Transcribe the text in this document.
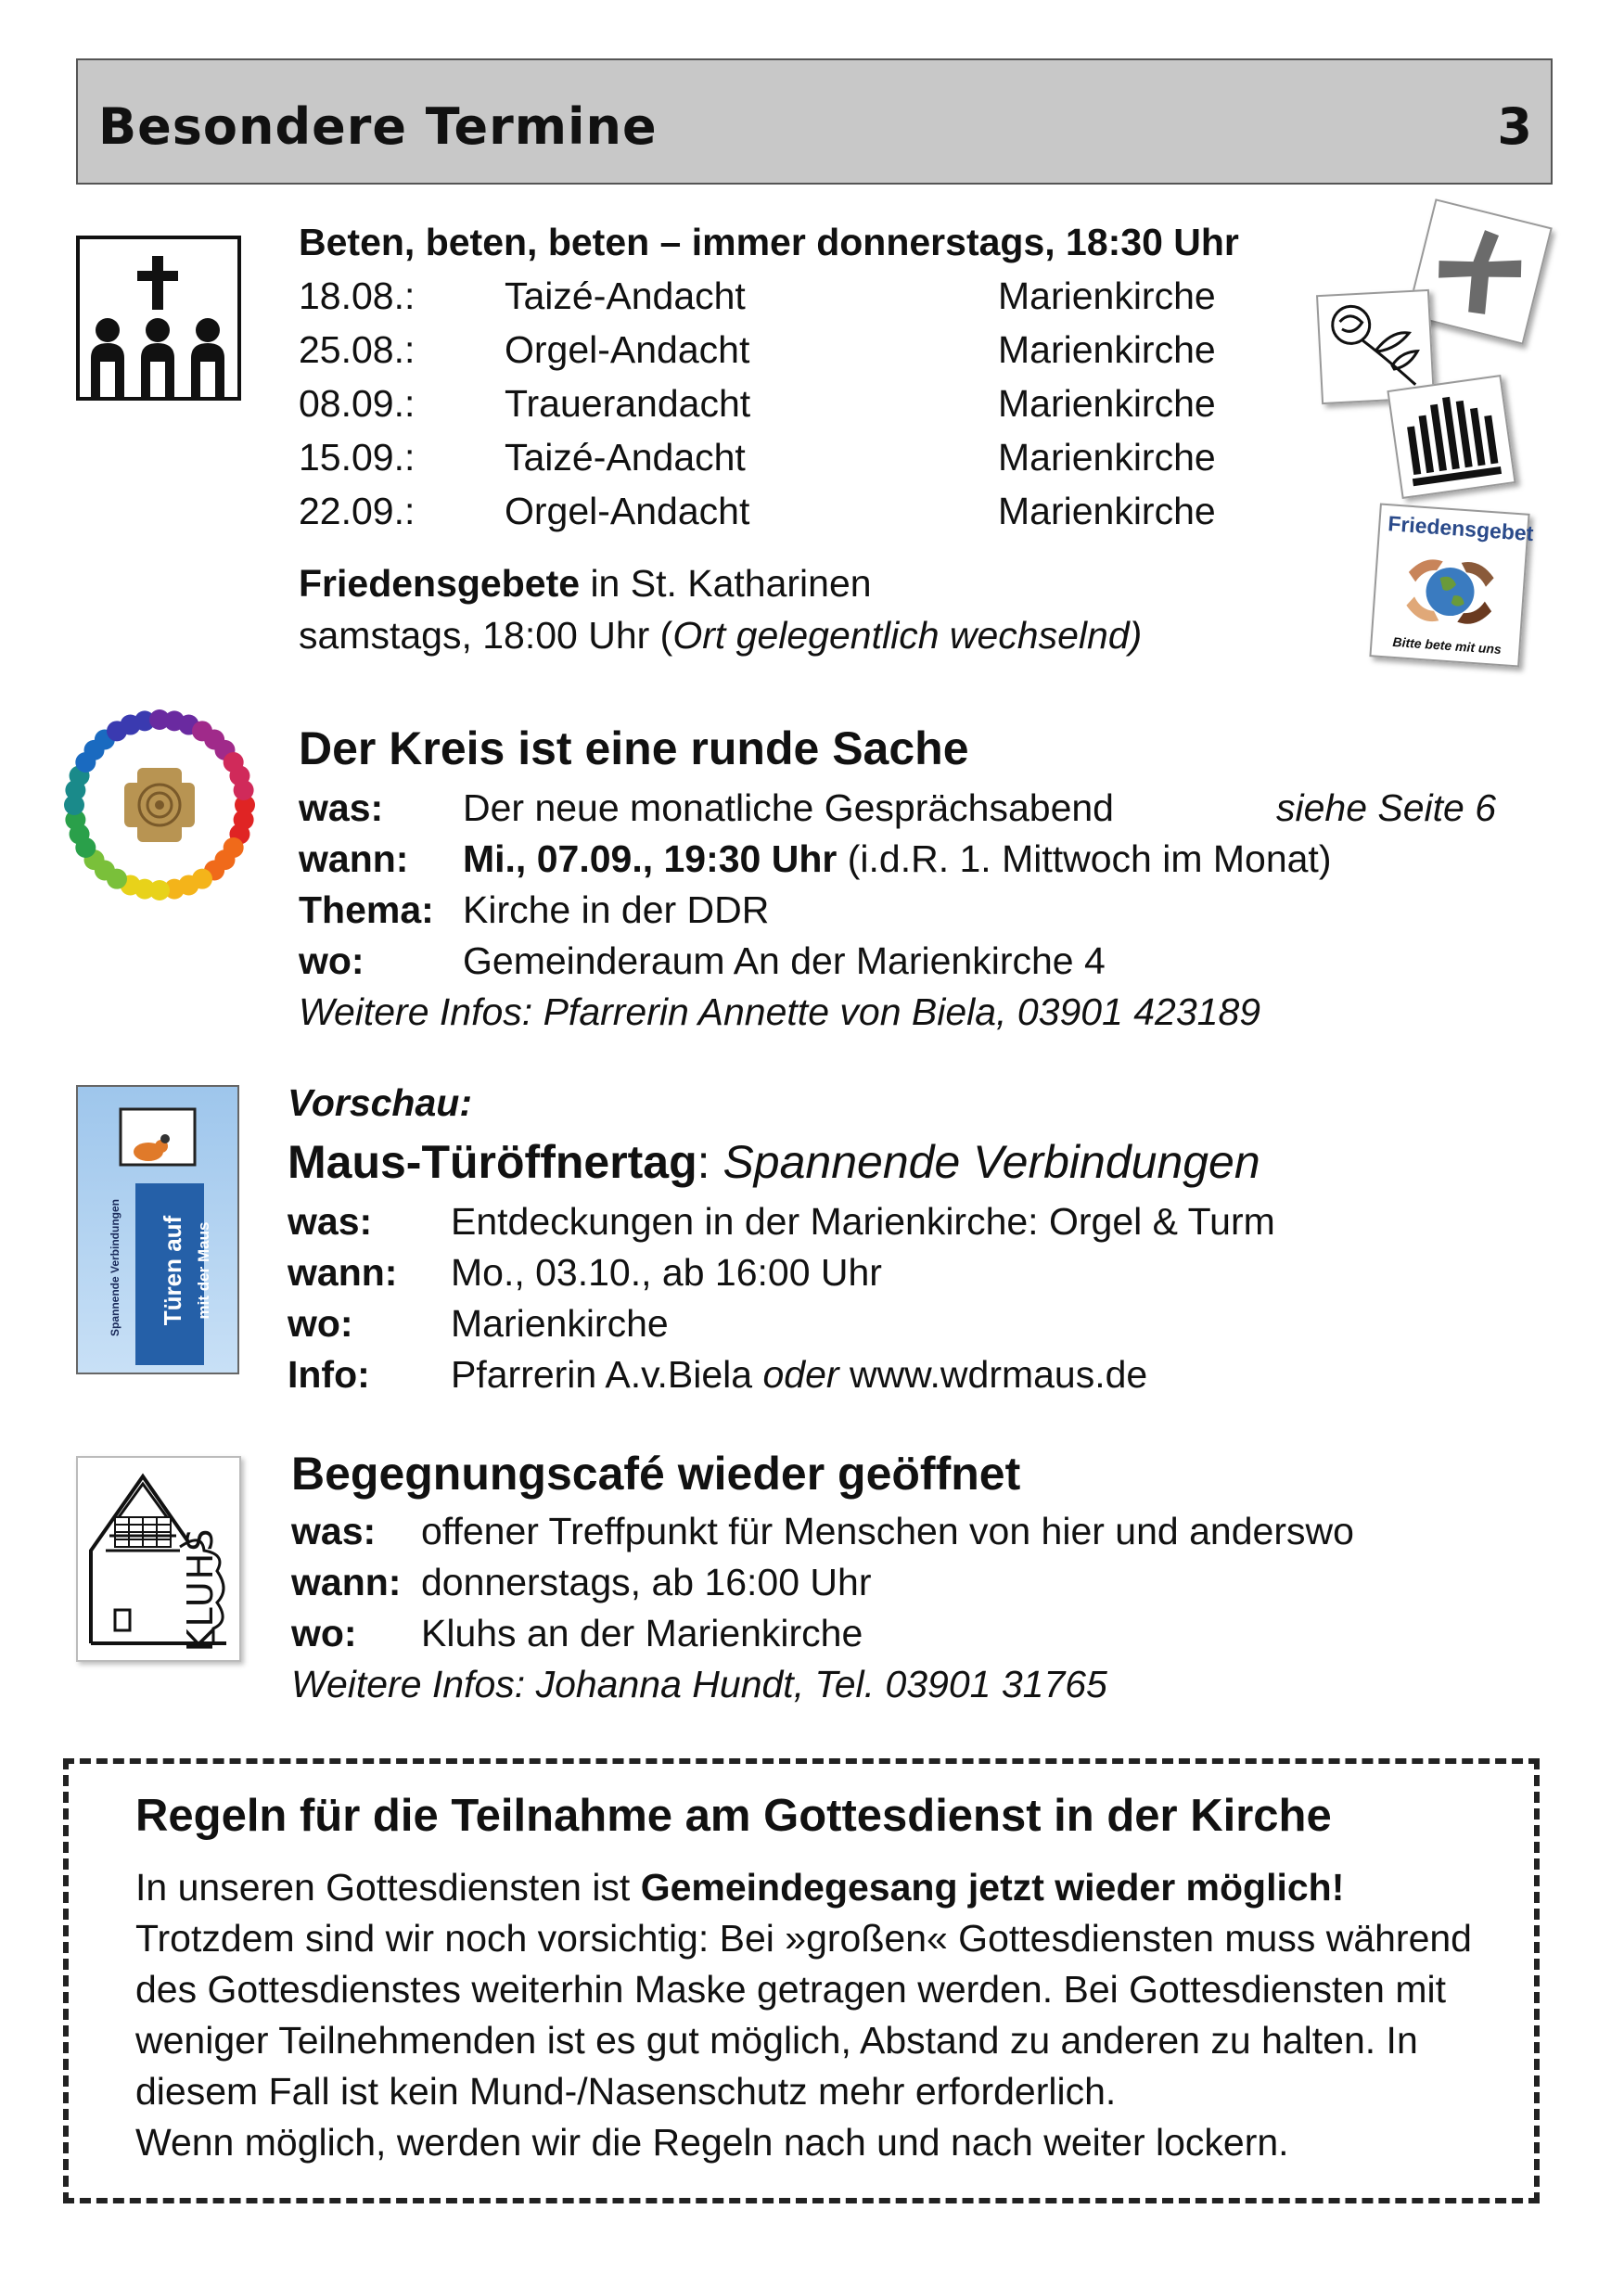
Besondere Termine	3
Beten, beten, beten – immer donnerstags, 18:30 Uhr
18.08.: Taizé-Andacht	Marienkirche
25.08.: Orgel-Andacht	Marienkirche
08.09.: Trauerandacht	Marienkirche
15.09.: Taizé-Andacht	Marienkirche
22.09.: Orgel-Andacht	Marienkirche
Friedensgebete in St. Katharinen
samstags, 18:00 Uhr (Ort gelegentlich wechselnd)
Friedensgebet
Bitte bete mit uns
Der Kreis ist eine runde Sache
was: Der neue monatliche Gesprächsabend	siehe Seite 6
wann: Mi., 07.09., 19:30 Uhr (i.d.R. 1. Mittwoch im Monat)
Thema: Kirche in der DDR
wo:	Gemeinderaum An der Marienkirche 4
Weitere Infos: Pfarrerin Annette von Biela, 03901 423189
Türen auf mit der Maus
Spannende Verbindungen
Vorschau:
Maus-Türöffnertag: Spannende Verbindungen
was: Entdeckungen in der Marienkirche: Orgel & Turm
wann: Mo., 03.10., ab 16:00 Uhr
wo:	Marienkirche
Info: Pfarrerin A.v.Biela oder www.wdrmaus.de
KLUHS
Begegnungscafé wieder geöffnet
was: offener Treffpunkt für Menschen von hier und anderswo
wann: donnerstags, ab 16:00 Uhr
wo: Kluhs an der Marienkirche
Weitere Infos: Johanna Hundt, Tel. 03901 31765
Regeln für die Teilnahme am Gottesdienst in der Kirche
In unseren Gottesdiensten ist Gemeindegesang jetzt wieder möglich!
Trotzdem sind wir noch vorsichtig: Bei »großen« Gottesdiensten muss während
des Gottesdienstes weiterhin Maske getragen werden. Bei Gottesdiensten mit
weniger Teilnehmenden ist es gut möglich, Abstand zu anderen zu halten. In
diesem Fall ist kein Mund-/Nasenschutz mehr erforderlich.
Wenn möglich, werden wir die Regeln nach und nach weiter lockern.
